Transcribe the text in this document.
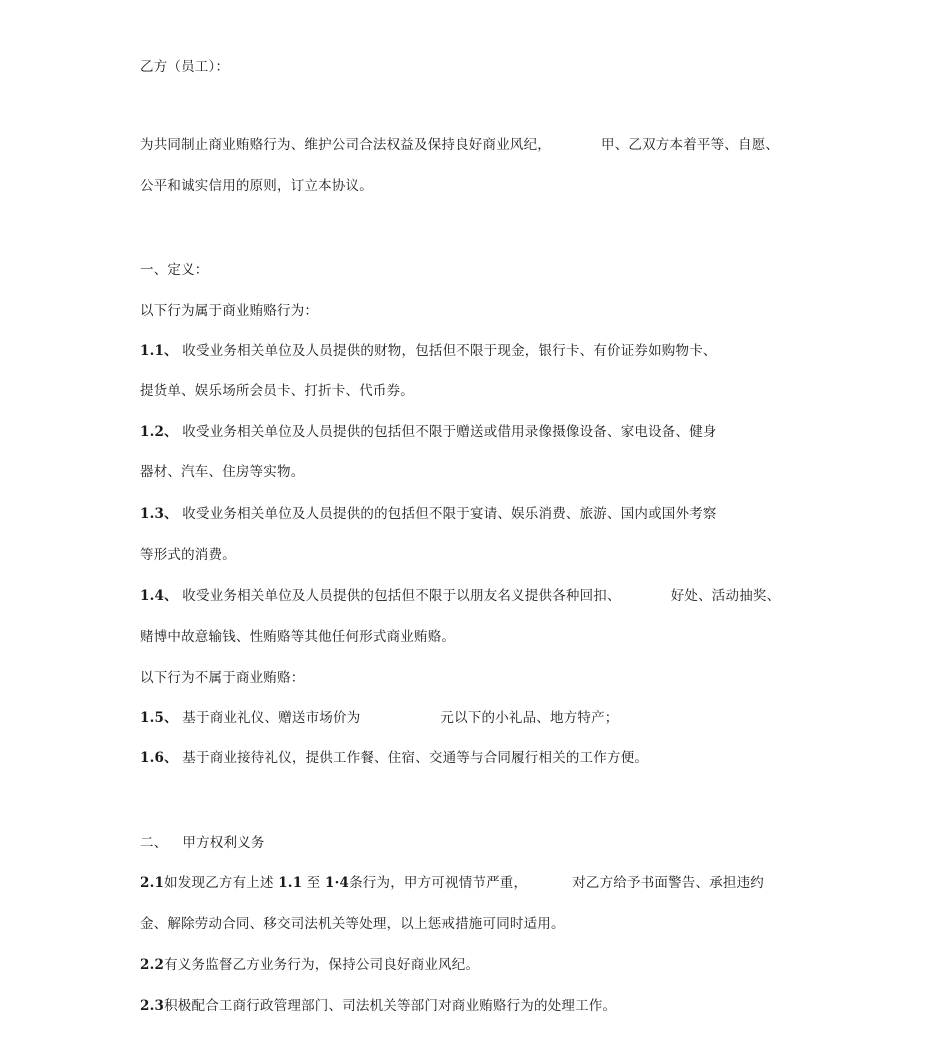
乙方（员工）：
为共同制止商业贿赂行为、维护公司合法权益及保持良好商业风纪，	甲、乙双方本着平等、自愿、
公平和诚实信用的原则，订立本协议。
一、定义：
以下行为属于商业贿赂行为：
1.1、 收受业务相关单位及人员提供的财物，包括但不限于现金，银行卡、有价证券如购物卡、
提货单、娱乐场所会员卡、打折卡、代币券。
1.2、 收受业务相关单位及人员提供的包括但不限于赠送或借用录像摄像设备、家电设备、健身
器材、汽车、住房等实物。
1.3、 收受业务相关单位及人员提供的的包括但不限于宴请、娱乐消费、旅游、国内或国外考察
等形式的消费。
1.4、 收受业务相关单位及人员提供的包括但不限于以朋友名义提供各种回扣、	好处、活动抽奖、
赌博中故意输钱、性贿赂等其他任何形式商业贿赂。
以下行为不属于商业贿赂：
1.5、 基于商业礼仪、赠送市场价为	元以下的小礼品、地方特产；
1.6、 基于商业接待礼仪，提供工作餐、住宿、交通等与合同履行相关的工作方便。
二、 甲方权利义务
2.1如发现乙方有上述 1.1 至 1·4条行为，甲方可视情节严重，	对乙方给予书面警告、承担违约
金、解除劳动合同、移交司法机关等处理，以上惩戒措施可同时适用。
2.2有义务监督乙方业务行为，保持公司良好商业风纪。
2.3积极配合工商行政管理部门、司法机关等部门对商业贿赂行为的处理工作。
